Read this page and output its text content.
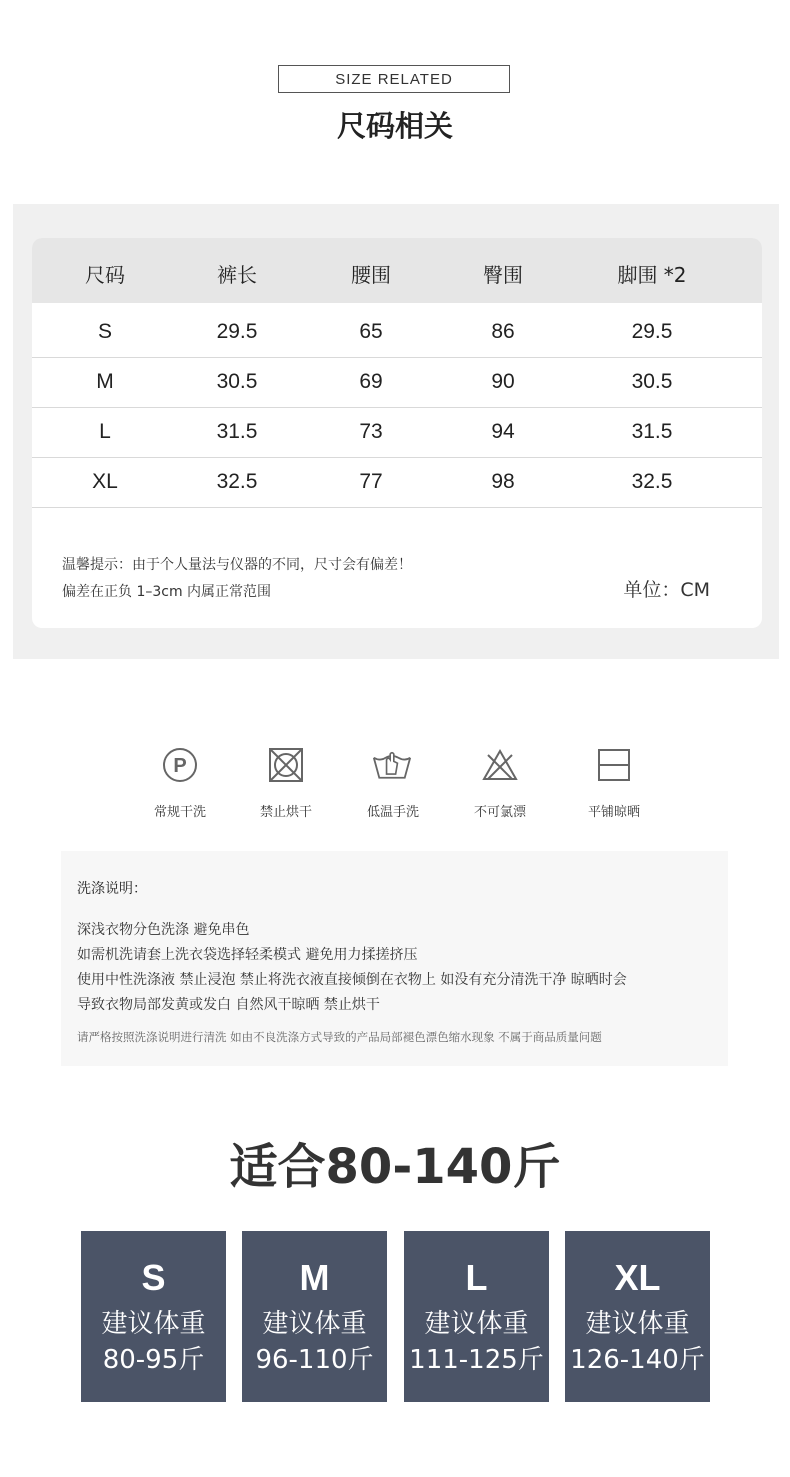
SIZE RELATED
尺码相关
尺码	裤长	腰围	臀围	脚围 *2
S	29.5	65	86	29.5
M	30.5	69	90	30.5
L	31.5	73	94	31.5
XL	32.5	77	98	32.5
温馨提示：由于个人量法与仪器的不同，尺寸会有偏差！
偏差在正负 1–3cm 内属正常范围	单位：CM
P
常规干洗	禁止烘干	低温手洗	不可氯漂	平铺晾晒
洗涤说明：
深浅衣物分色洗涤 避免串色
如需机洗请套上洗衣袋选择轻柔模式 避免用力揉搓挤压
使用中性洗涤液 禁止浸泡 禁止将洗衣液直接倾倒在衣物上 如没有充分清洗干净 晾晒时会
导致衣物局部发黄或发白 自然风干晾晒 禁止烘干
请严格按照洗涤说明进行清洗 如由不良洗涤方式导致的产品局部褪色漂色缩水现象 不属于商品质量问题
适合80-140斤
S
建议体重
80-95斤
M
建议体重
96-110斤
L
建议体重
111-125斤
XL
建议体重
126-140斤
